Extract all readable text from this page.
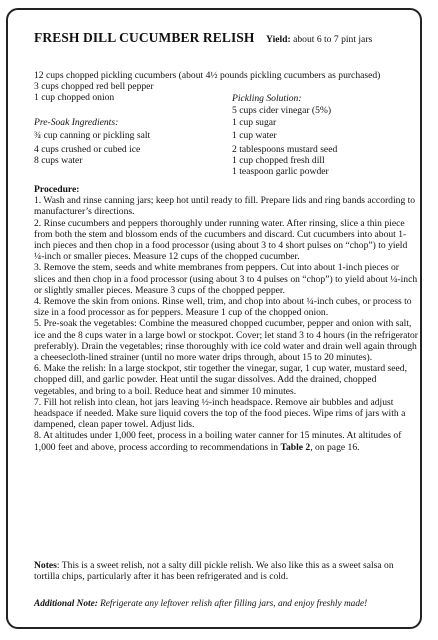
FRESH DILL CUCUMBER RELISH Yield: about 6 to 7 pint jars
12 cups chopped pickling cucumbers (about 4½ pounds pickling cucumbers as purchased)
3 cups chopped red bell pepper
1 cup chopped onion	Pickling Solution:
5 cups cider vinegar (5%)
1 cup sugar
1 cup water
2 tablespoons mustard seed
1 cup chopped fresh dill
1 teaspoon garlic powder
Pre-Soak Ingredients:
¾ cup canning or pickling salt
4 cups crushed or cubed ice
8 cups water
Procedure:

1. Wash and rinse canning jars; keep hot until ready to fill. Prepare lids and ring bands according to manufacturer’s directions.

2. Rinse cucumbers and peppers thoroughly under running water. After rinsing, slice a thin piece from both the stem and blossom ends of the cucumbers and discard. Cut cucumbers into about 1-inch pieces and then chop in a food processor (using about 3 to 4 short pulses on “chop”) to yield ¼-inch or smaller pieces. Measure 12 cups of the chopped cucumber.

3. Remove the stem, seeds and white membranes from peppers. Cut into about 1-inch pieces or slices and then chop in a food processor (using about 3 to 4 pulses on “chop”) to yield about ¼-inch or slightly smaller pieces. Measure 3 cups of the chopped pepper.

4. Remove the skin from onions. Rinse well, trim, and chop into about ¼-inch cubes, or process to size in a food processor as for peppers. Measure 1 cup of the chopped onion.

5. Pre-soak the vegetables: Combine the measured chopped cucumber, pepper and onion with salt, ice and the 8 cups water in a large bowl or stockpot. Cover; let stand 3 to 4 hours (in the refrigerator preferably). Drain the vegetables; rinse thoroughly with ice cold water and drain well again through a cheesecloth-lined strainer (until no more water drips through, about 15 to 20 minutes).

6. Make the relish: In a large stockpot, stir together the vinegar, sugar, 1 cup water, mustard seed, chopped dill, and garlic powder. Heat until the sugar dissolves. Add the drained, chopped vegetables, and bring to a boil. Reduce heat and simmer 10 minutes.

7. Fill hot relish into clean, hot jars leaving ½-inch headspace. Remove air bubbles and adjust headspace if needed. Make sure liquid covers the top of the food pieces. Wipe rims of jars with a dampened, clean paper towel. Adjust lids.

8. At altitudes under 1,000 feet, process in a boiling water canner for 15 minutes. At altitudes of 1,000 feet and above, process according to recommendations in Table 2, on page 16.

Notes: This is a sweet relish, not a salty dill pickle relish. We also like this as a sweet salsa on tortilla chips, particularly after it has been refrigerated and is cold.
Additional Note: Refrigerate any leftover relish after filling jars, and enjoy freshly made!
